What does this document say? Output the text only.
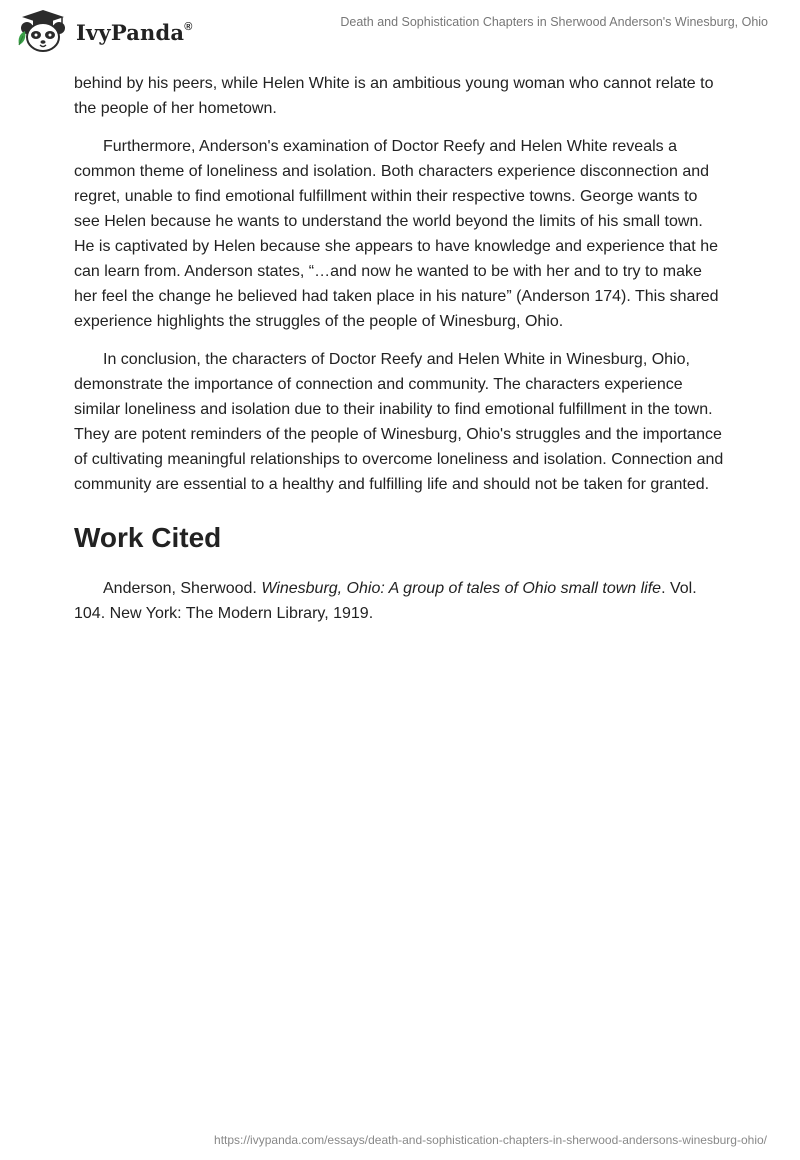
IvyPanda®	Death and Sophistication Chapters in Sherwood Anderson's Winesburg, Ohio

behind by his peers, while Helen White is an ambitious young woman who cannot relate to the people of her hometown.

Furthermore, Anderson's examination of Doctor Reefy and Helen White reveals a common theme of loneliness and isolation. Both characters experience disconnection and regret, unable to find emotional fulfillment within their respective towns. George wants to see Helen because he wants to understand the world beyond the limits of his small town. He is captivated by Helen because she appears to have knowledge and experience that he can learn from. Anderson states, “…and now he wanted to be with her and to try to make her feel the change he believed had taken place in his nature” (Anderson 174). This shared experience highlights the struggles of the people of Winesburg, Ohio.

In conclusion, the characters of Doctor Reefy and Helen White in Winesburg, Ohio, demonstrate the importance of connection and community. The characters experience similar loneliness and isolation due to their inability to find emotional fulfillment in the town. They are potent reminders of the people of Winesburg, Ohio's struggles and the importance of cultivating meaningful relationships to overcome loneliness and isolation. Connection and community are essential to a healthy and fulfilling life and should not be taken for granted.

Work Cited

Anderson, Sherwood. Winesburg, Ohio: A group of tales of Ohio small town life. Vol. 104. New York: The Modern Library, 1919.

https://ivypanda.com/essays/death-and-sophistication-chapters-in-sherwood-andersons-winesburg-ohio/
